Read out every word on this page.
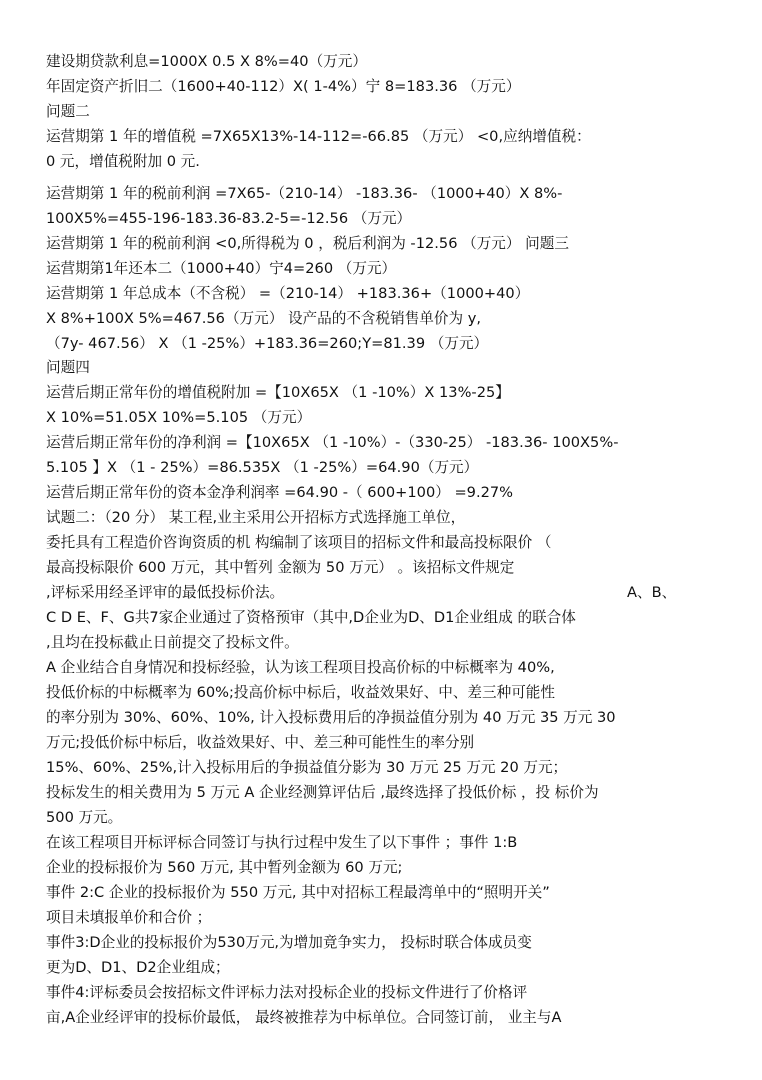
建设期贷款利息=1000X 0.5 X 8%=40（万元）
年固定资产折旧二（1600+40-112）X( 1-4%）宁 8=183.36 （万元）
问题二
运营期第 1 年的增值税 =7X65X13%-14-112=-66.85 （万元） <0,应纳增值税：
0 元，增值税附加 0 元.
运营期第 1 年的税前利润 =7X65-（210-14） -183.36- （1000+40）X 8%-
100X5%=455-196-183.36-83.2-5=-12.56 （万元）
运营期第 1 年的税前利润 <0,所得税为 0 ，税后利润为 -12.56 （万元） 问题三
运营期第1年还本二（1000+40）宁4=260 （万元）
运营期第 1 年总成本（不含税） =（210-14） +183.36+（1000+40）
X 8%+100X 5%=467.56（万元） 设产品的不含税销售单价为 y,
（7y- 467.56） X （1 -25%）+183.36=260;Y=81.39 （万元）
问题四
运营后期正常年份的增值税附加 =【10X65X （1 -10%）X 13%-25】
X 10%=51.05X 10%=5.105 （万元）
运营后期正常年份的净利润 =【10X65X （1 -10%）-（330-25） -183.36- 100X5%-
5.105 】X （1 - 25%）=86.535X （1 -25%）=64.90（万元）
运营后期正常年份的资本金净利润率 =64.90 -（ 600+100） =9.27%
试题二：（20 分） 某工程,业主采用公开招标方式选择施工单位，
委托具有工程造价咨询资质的机 构编制了该项目的招标文件和最高投标限价 （
最高投标限价 600 万元，其中暂列 金额为 50 万元） 。该招标文件规定
,评标采用经圣评审的最低投标价法。	A、B、
C D E、F、G共7家企业通过了资格预审（其中,D企业为D、D1企业组成 的联合体
,且均在投标截止日前提交了投标文件。
A 企业结合自身情况和投标经验，认为该工程项目投高价标的中标概率为 40%,
投低价标的中标概率为 60%;投高价标中标后，收益效果好、中、差三种可能性
的率分别为 30%、60%、10%, 计入投标费用后的净损益值分别为 40 万元 35 万元 30
万元;投低价标中标后，收益效果好、中、差三种可能性生的率分别
15%、60%、25%,计入投标用后的争损益值分影为 30 万元 25 万元 20 万元；
投标发生的相关费用为 5 万元 A 企业经测算评估后 ,最终选择了投低价标 ，投 标价为
500 万元。
在该工程项目开标评标合同签订与执行过程中发生了以下事件 ；事件 1:B
企业的投标报价为 560 万元, 其中暂列金额为 60 万元;
事件 2:C 企业的投标报价为 550 万元, 其中对招标工程最湾单中的“照明开关”
项目未填报单价和合价 ；
事件3:D企业的投标报价为530万元,为增加竟争实力， 投标时联合体成员变
更为D、D1、D2企业组成；
事件4:评标委员会按招标文件评标力法对投标企业的投标文件进行了价格评
亩,A企业经评审的投标价最低， 最终被推荐为中标单位。合同签订前， 业主与A
